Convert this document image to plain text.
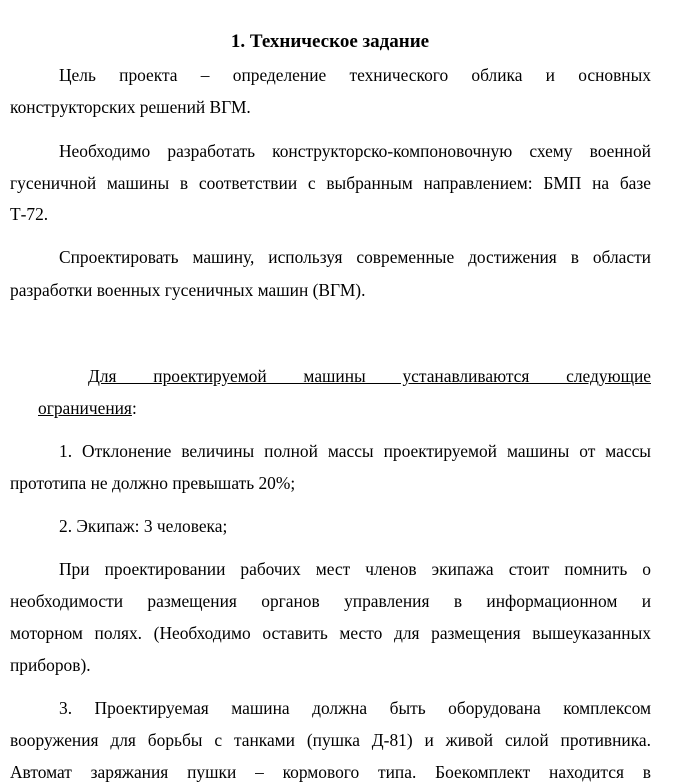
1. Техническое задание

Цель проекта – определение технического облика и основных

конструкторских решений ВГМ.

Необходимо разработать конструкторско-компоновочную схему военной

гусеничной машины в соответствии с выбранным направлением: БМП на базе

Т-72.

Спроектировать машину, используя современные достижения в области

разработки военных гусеничных машин (ВГМ).

Для проектируемой машины устанавливаются следующие

ограничения:

1. Отклонение величины полной массы проектируемой машины от массы

прототипа не должно превышать 20%;

2. Экипаж: 3 человека;

При проектировании рабочих мест членов экипажа стоит помнить о

необходимости размещения органов управления в информационном и

моторном полях. (Необходимо оставить место для размещения вышеуказанных

приборов).

3. Проектируемая машина должна быть оборудована комплексом

вооружения для борьбы с танками (пушка Д-81) и живой силой противника.

Автомат заряжания пушки – кормового типа. Боекомплект находится в
